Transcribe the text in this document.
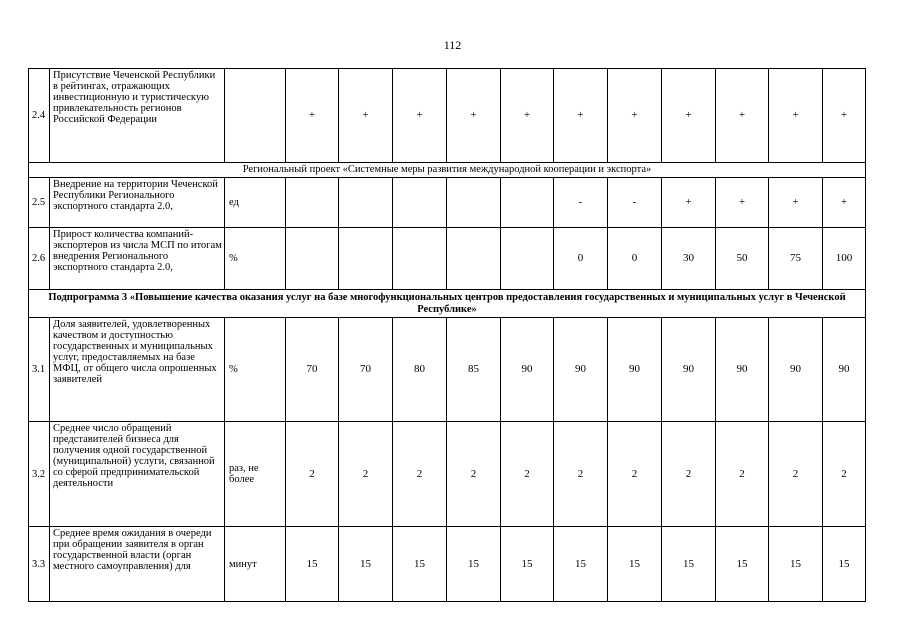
112
2.4	Присутствие Чеченской Республики в рейтингах, отражающих инвестиционную и туристическую привлекательность регионов Российской Федерации		+	+	+	+	+	+	+	+	+	+	+
Региональный проект «Системные меры развития международной кооперации и экспорта»													
2.5	Внедрение на территории Чеченской Республики Регионального экспортного стандарта 2.0,	ед						-	-	+	+	+	+
2.6	Прирост количества компаний-экспортеров из числа МСП по итогам внедрения Регионального экспортного стандарта 2.0,	%						0	0	30	50	75	100
Подпрограмма 3 «Повышение качества оказания услуг на базе многофункциональных центров предоставления государственных и муниципальных услуг в Чеченской Республике»													
3.1	Доля заявителей, удовлетворенных качеством и доступностью государственных и муниципальных услуг, предоставляемых на базе МФЦ, от общего числа опрошенных заявителей	%	70	70	80	85	90	90	90	90	90	90	90
3.2	Среднее число обращений представителей бизнеса для получения одной государственной (муниципальной) услуги, связанной со сферой предпринимательской деятельности	раз, не более	2	2	2	2	2	2	2	2	2	2	2
3.3	Среднее время ожидания в очереди при обращении заявителя в орган государственной власти (орган местного самоуправления) для	минут	15	15	15	15	15	15	15	15	15	15	15
